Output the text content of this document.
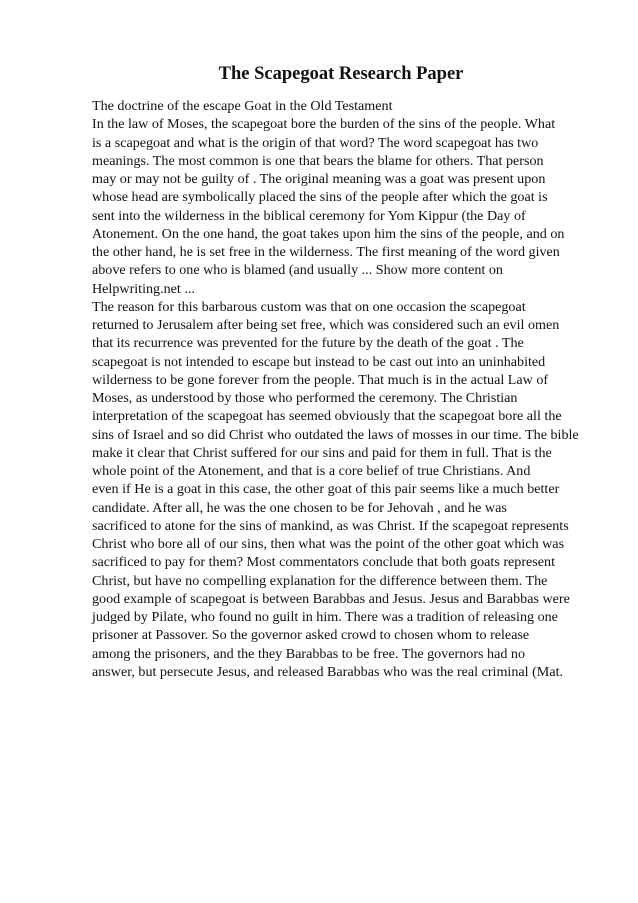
The Scapegoat Research Paper
The doctrine of the escape Goat in the Old Testament
In the law of Moses, the scapegoat bore the burden of the sins of the people. What
is a scapegoat and what is the origin of that word? The word scapegoat has two
meanings. The most common is one that bears the blame for others. That person
may or may not be guilty of . The original meaning was a goat was present upon
whose head are symbolically placed the sins of the people after which the goat is
sent into the wilderness in the biblical ceremony for Yom Kippur (the Day of
Atonement. On the one hand, the goat takes upon him the sins of the people, and on
the other hand, he is set free in the wilderness. The first meaning of the word given
above refers to one who is blamed (and usually ... Show more content on
Helpwriting.net ...
The reason for this barbarous custom was that on one occasion the scapegoat
returned to Jerusalem after being set free, which was considered such an evil omen
that its recurrence was prevented for the future by the death of the goat . The
scapegoat is not intended to escape but instead to be cast out into an uninhabited
wilderness to be gone forever from the people. That much is in the actual Law of
Moses, as understood by those who performed the ceremony. The Christian
interpretation of the scapegoat has seemed obviously that the scapegoat bore all the
sins of Israel and so did Christ who outdated the laws of mosses in our time. The bible
make it clear that Christ suffered for our sins and paid for them in full. That is the
whole point of the Atonement, and that is a core belief of true Christians. And
even if He is a goat in this case, the other goat of this pair seems like a much better
candidate. After all, he was the one chosen to be for Jehovah , and he was
sacrificed to atone for the sins of mankind, as was Christ. If the scapegoat represents
Christ who bore all of our sins, then what was the point of the other goat which was
sacrificed to pay for them? Most commentators conclude that both goats represent
Christ, but have no compelling explanation for the difference between them. The
good example of scapegoat is between Barabbas and Jesus. Jesus and Barabbas were
judged by Pilate, who found no guilt in him. There was a tradition of releasing one
prisoner at Passover. So the governor asked crowd to chosen whom to release
among the prisoners, and the they Barabbas to be free. The governors had no
answer, but persecute Jesus, and released Barabbas who was the real criminal (Mat.
